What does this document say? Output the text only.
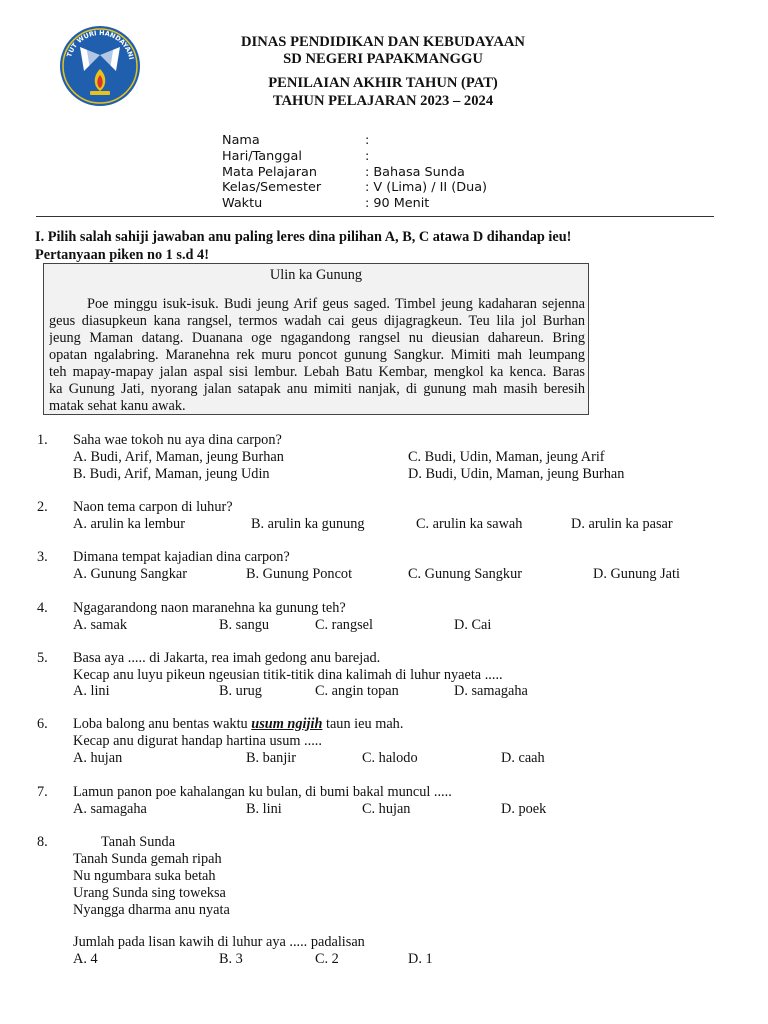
TUT WURI HANDAYANI
DINAS PENDIDIKAN DAN KEBUDAYAAN
SD NEGERI PAPAKMANGGU
PENILAIAN AKHIR TAHUN (PAT)
TAHUN PELAJARAN 2023 – 2024
Nama	:
Hari/Tanggal	:
Mata Pelajaran	: Bahasa Sunda
Kelas/Semester	: V (Lima) / II (Dua)
Waktu	: 90 Menit
I. Pilih salah sahiji jawaban anu paling leres dina pilihan A, B, C atawa D dihandap ieu!
Pertanyaan piken no 1 s.d 4!
Ulin ka Gunung
Poe minggu isuk-isuk. Budi jeung Arif geus saged. Timbel jeung kadaharan sejenna
geus diasupkeun kana rangsel, termos wadah cai geus dijagragkeun. Teu lila jol Burhan
jeung Maman datang. Duanana oge ngagandong rangsel nu dieusian dahareun. Bring
opatan ngalabring. Maranehna rek muru poncot gunung Sangkur. Mimiti mah leumpang
teh mapay-mapay jalan aspal sisi lembur. Lebah Batu Kembar, mengkol ka kenca. Baras
ka Gunung Jati, nyorang jalan satapak anu mimiti nanjak, di gunung mah masih beresih
matak sehat kanu awak.
1. Saha wae tokoh nu aya dina carpon?
A. Budi, Arif, Maman, jeung Burhan
B. Budi, Arif, Maman, jeung Udin
C. Budi, Udin, Maman, jeung Arif
D. Budi, Udin, Maman, jeung Burhan
2. Naon tema carpon di luhur?
A. arulin ka lembur	B. arulin ka gunung	C. arulin ka sawah	D. arulin ka pasar
3. Dimana tempat kajadian dina carpon?
A. Gunung Sangkar	B. Gunung Poncot	C. Gunung Sangkur	D. Gunung Jati
4. Ngagarandong naon maranehna ka gunung teh?
A. samak	B. sangu	C. rangsel	D. Cai
5. Basa aya ..... di Jakarta, rea imah gedong anu barejad.
Kecap anu luyu pikeun ngeusian titik-titik dina kalimah di luhur nyaeta .....
A. lini	B. urug	C. angin topan	D. samagaha
6. Loba balong anu bentas waktu usum ngijih taun ieu mah.
Kecap anu digurat handap hartina usum .....
A. hujan	B. banjir	C. halodo	D. caah
7. Lamun panon poe kahalangan ku bulan, di bumi bakal muncul .....
A. samagaha	B. lini	C. hujan	D. poek
8.	Tanah Sunda
Tanah Sunda gemah ripah
Nu ngumbara suka betah
Urang Sunda sing toweksa
Nyangga dharma anu nyata
Jumlah pada lisan kawih di luhur aya ..... padalisan
A. 4	B. 3	C. 2	D. 1
